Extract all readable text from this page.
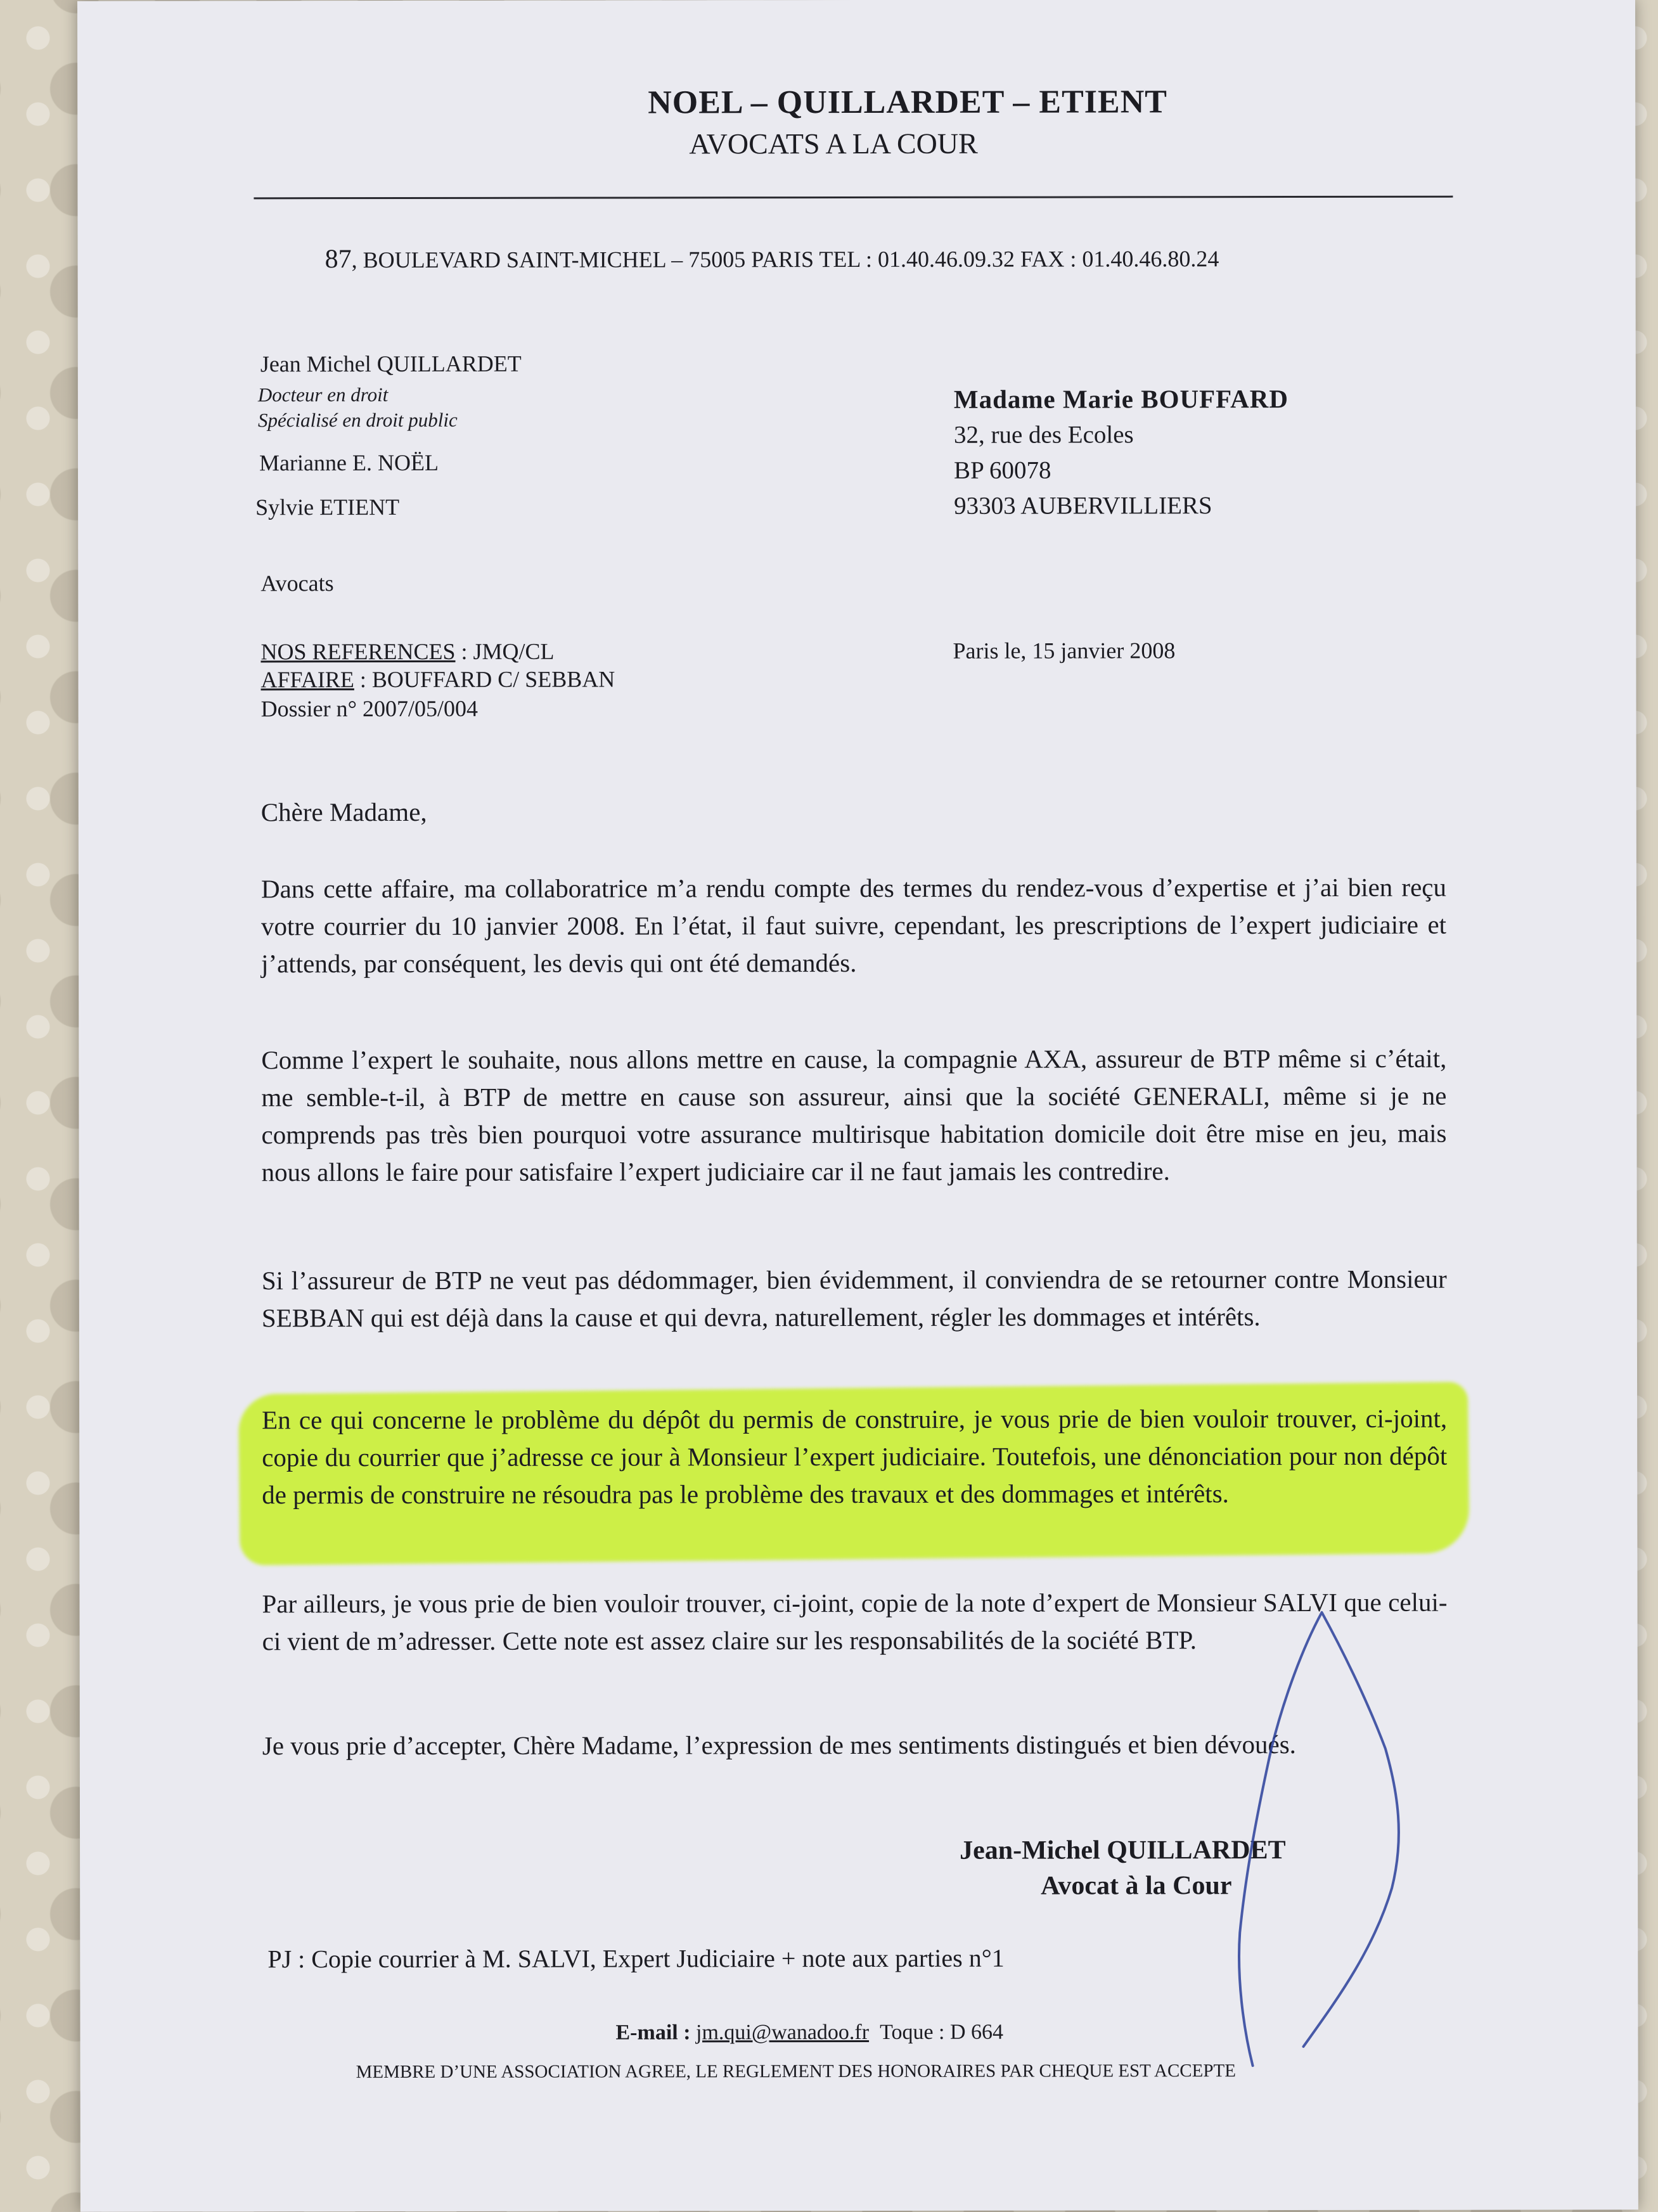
NOEL – QUILLARDET – ETIENT
AVOCATS A LA COUR
87, BOULEVARD SAINT-MICHEL – 75005 PARIS TEL : 01.40.46.09.32 FAX : 01.40.46.80.24
Jean Michel QUILLARDET
Docteur en droit
Spécialisé en droit public
Marianne E. NOËL
Sylvie ETIENT
Avocats
Madame Marie BOUFFARD
32, rue des Ecoles
BP 60078
93303 AUBERVILLIERS
NOS REFERENCES : JMQ/CL
AFFAIRE : BOUFFARD C/ SEBBAN
Dossier n° 2007/05/004
Paris le, 15 janvier 2008
Chère Madame,
Dans cette affaire, ma collaboratrice m’a rendu compte des termes du rendez-vous d’expertise et j’ai bien reçu votre courrier du 10 janvier 2008. En l’état, il faut suivre, cependant, les prescriptions de l’expert judiciaire et j’attends, par conséquent, les devis qui ont été demandés.
Comme l’expert le souhaite, nous allons mettre en cause, la compagnie AXA, assureur de BTP même si c’était, me semble-t-il, à BTP de mettre en cause son assureur, ainsi que la société GENERALI, même si je ne comprends pas très bien pourquoi votre assurance multirisque habitation domicile doit être mise en jeu, mais nous allons le faire pour satisfaire l’expert judiciaire car il ne faut jamais les contredire.
Si l’assureur de BTP ne veut pas dédommager, bien évidemment, il conviendra de se retourner contre Monsieur SEBBAN qui est déjà dans la cause et qui devra, naturellement, régler les dommages et intérêts.
En ce qui concerne le problème du dépôt du permis de construire, je vous prie de bien vouloir trouver, ci-joint, copie du courrier que j’adresse ce jour à Monsieur l’expert judiciaire. Toutefois, une dénonciation pour non dépôt de permis de construire ne résoudra pas le problème des travaux et des dommages et intérêts.
Par ailleurs, je vous prie de bien vouloir trouver, ci-joint, copie de la note d’expert de Monsieur SALVI que celui-ci vient de m’adresser. Cette note est assez claire sur les responsabilités de la société BTP.
Je vous prie d’accepter, Chère Madame, l’expression de mes sentiments distingués et bien dévoués.
Jean-Michel QUILLARDET
Avocat à la Cour
PJ : Copie courrier à M. SALVI, Expert Judiciaire + note aux parties n°1
E-mail : jm.qui@wanadoo.fr Toque : D 664
MEMBRE D’UNE ASSOCIATION AGREE, LE REGLEMENT DES HONORAIRES PAR CHEQUE EST ACCEPTE
